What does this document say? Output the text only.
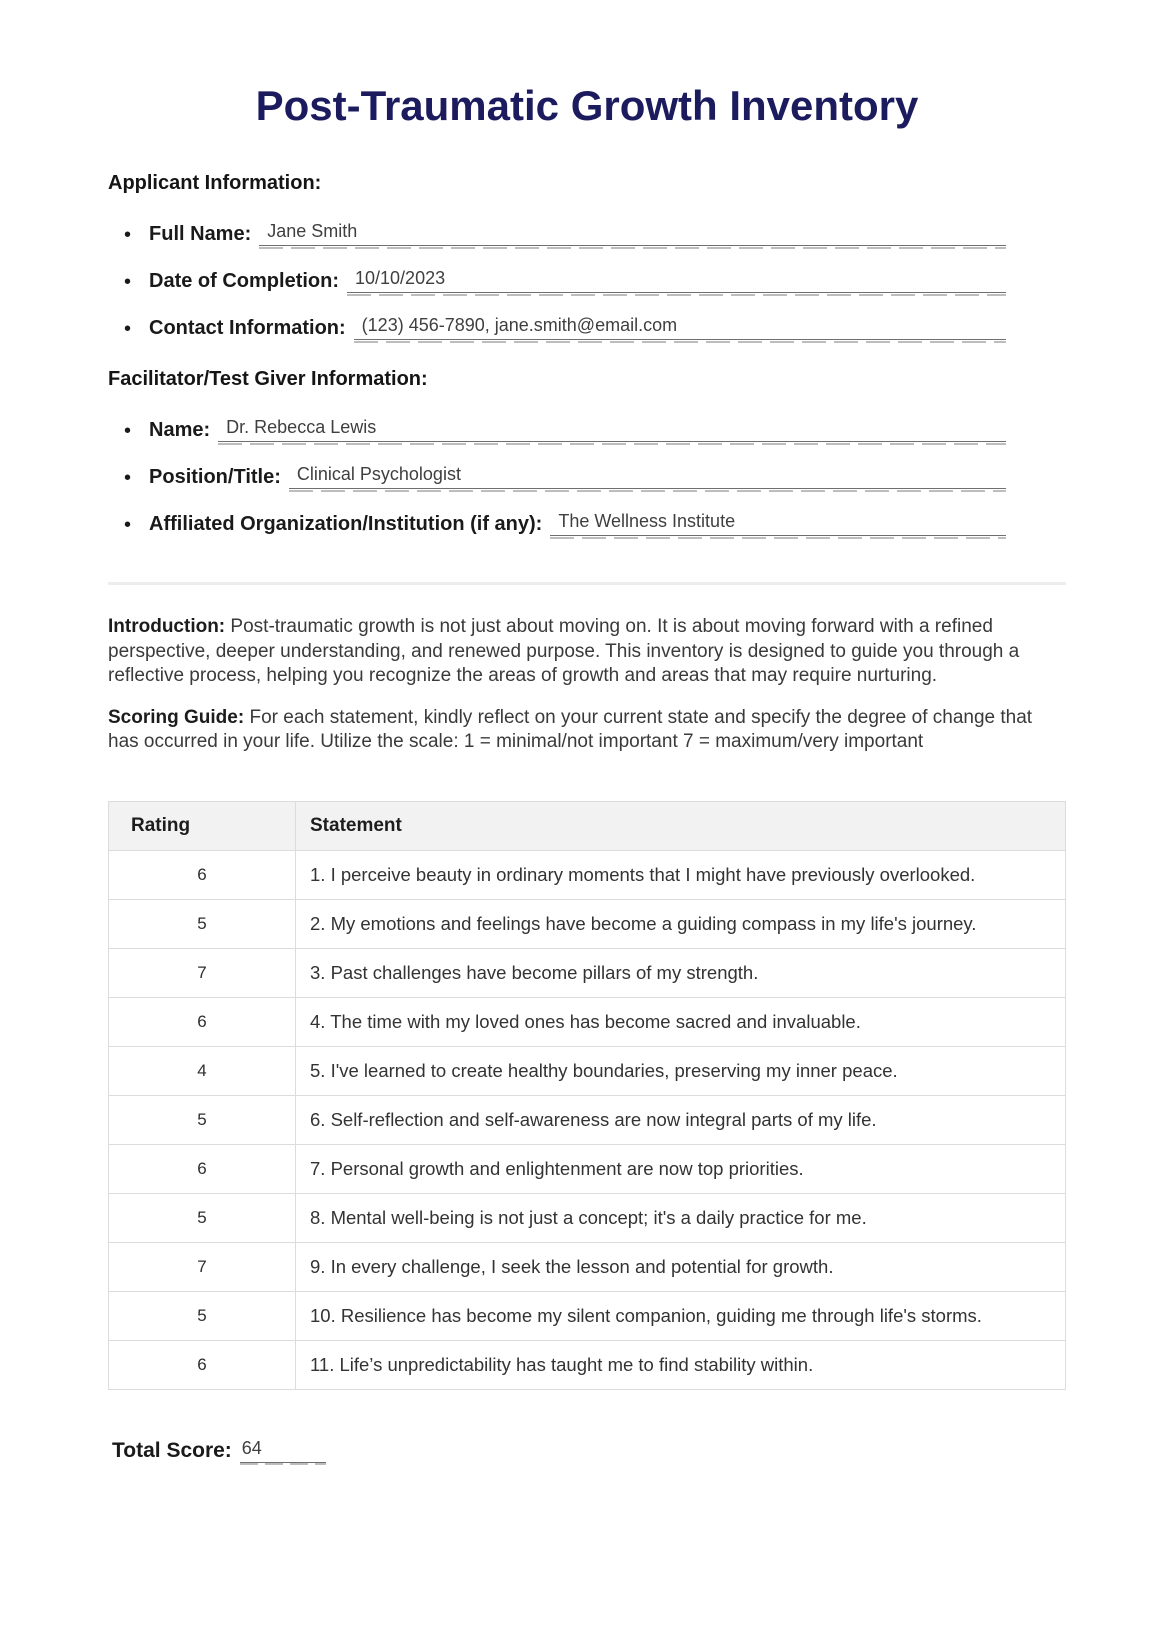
Post-Traumatic Growth Inventory
Applicant Information:
• Full Name: Jane Smith
• Date of Completion: 10/10/2023
• Contact Information: (123) 456-7890, jane.smith@email.com
Facilitator/Test Giver Information:
• Name: Dr. Rebecca Lewis
• Position/Title: Clinical Psychologist
• Affiliated Organization/Institution (if any): The Wellness Institute

Introduction: Post-traumatic growth is not just about moving on. It is about moving forward with a refined perspective, deeper understanding, and renewed purpose. This inventory is designed to guide you through a reflective process, helping you recognize the areas of growth and areas that may require nurturing.

Scoring Guide: For each statement, kindly reflect on your current state and specify the degree of change that has occurred in your life. Utilize the scale: 1 = minimal/not important 7 = maximum/very important

Rating	Statement
6	1. I perceive beauty in ordinary moments that I might have previously overlooked.
5	2. My emotions and feelings have become a guiding compass in my life's journey.
7	3. Past challenges have become pillars of my strength.
6	4. The time with my loved ones has become sacred and invaluable.
4	5. I've learned to create healthy boundaries, preserving my inner peace.
5	6. Self-reflection and self-awareness are now integral parts of my life.
6	7. Personal growth and enlightenment are now top priorities.
5	8. Mental well-being is not just a concept; it's a daily practice for me.
7	9. In every challenge, I seek the lesson and potential for growth.
5	10. Resilience has become my silent companion, guiding me through life's storms.
6	11. Life’s unpredictability has taught me to find stability within.
Total Score: 64
